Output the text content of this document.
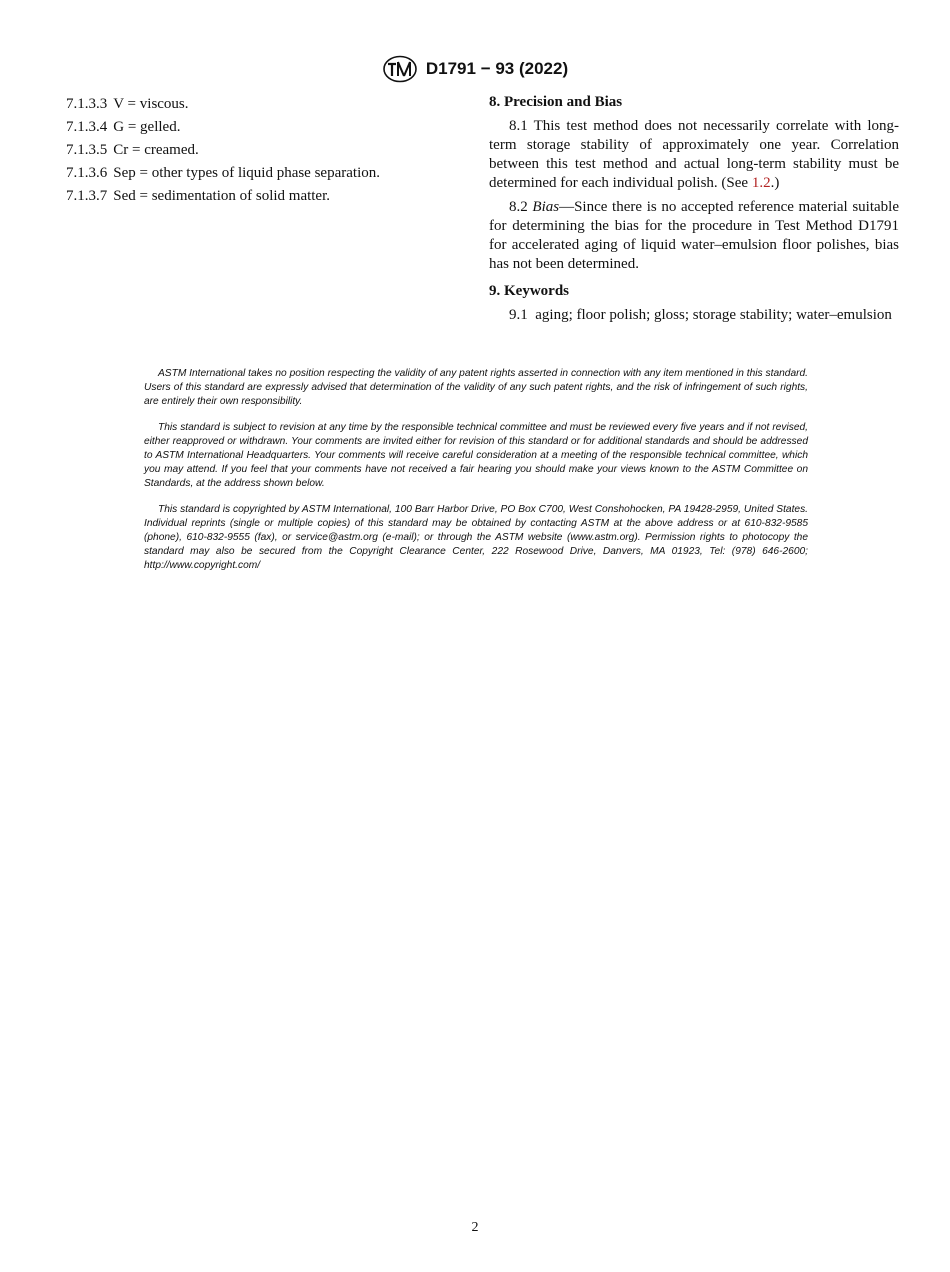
D1791 − 93 (2022)
7.1.3.3 V = viscous.
7.1.3.4 G = gelled.
7.1.3.5 Cr = creamed.
7.1.3.6 Sep = other types of liquid phase separation.
7.1.3.7 Sed = sedimentation of solid matter.
8. Precision and Bias

8.1 This test method does not necessarily correlate with long-term storage stability of approximately one year. Correlation between this test method and actual long-term stability must be determined for each individual polish. (See 1.2.)

8.2 Bias—Since there is no accepted reference material suitable for determining the bias for the procedure in Test Method D1791 for accelerated aging of liquid water–emulsion floor polishes, bias has not been determined.

9. Keywords

9.1 aging; floor polish; gloss; storage stability; water–emulsion

ASTM International takes no position respecting the validity of any patent rights asserted in connection with any item mentioned in this standard. Users of this standard are expressly advised that determination of the validity of any such patent rights, and the risk of infringement of such rights, are entirely their own responsibility.

This standard is subject to revision at any time by the responsible technical committee and must be reviewed every five years and if not revised, either reapproved or withdrawn. Your comments are invited either for revision of this standard or for additional standards and should be addressed to ASTM International Headquarters. Your comments will receive careful consideration at a meeting of the responsible technical committee, which you may attend. If you feel that your comments have not received a fair hearing you should make your views known to the ASTM Committee on Standards, at the address shown below.

This standard is copyrighted by ASTM International, 100 Barr Harbor Drive, PO Box C700, West Conshohocken, PA 19428-2959, United States. Individual reprints (single or multiple copies) of this standard may be obtained by contacting ASTM at the above address or at 610-832-9585 (phone), 610-832-9555 (fax), or service@astm.org (e-mail); or through the ASTM website (www.astm.org). Permission rights to photocopy the standard may also be secured from the Copyright Clearance Center, 222 Rosewood Drive, Danvers, MA 01923, Tel: (978) 646-2600; http://www.copyright.com/

2
